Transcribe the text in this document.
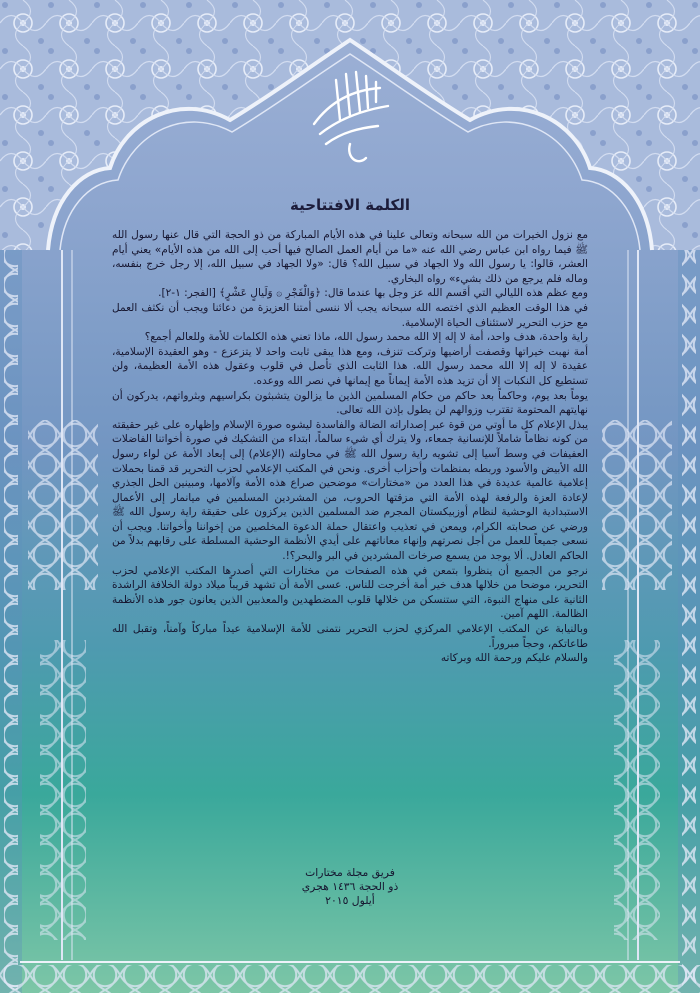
الكلمة الافتتاحية

مع نزول الخيرات من الله سبحانه وتعالى علينا في هذه الأيام المباركة من ذو الحجة التي قال عنها رسول الله ﷺ فيما رواه ابن عباس رضي الله عنه «ما من أيام العمل الصالح فيها أحب إلى الله من هذه الأيام» يعني أيام العشر، قالوا: يا رسول الله ولا الجهاد في سبيل الله؟ قال: «ولا الجهاد في سبيل الله، إلا رجل خرج بنفسه، وماله فلم يرجع من ذلك بشيء» رواه البخاري.

ومع عظم هذه الليالي التي أقسم الله عز وجل بها عندما قال: ﴿وَالْفَجْرِ ۞ وَلَيالٍ عَشْرٍ﴾ [الفجر: ١-٢].

في هذا الوقت العظيم الذي اختصه الله سبحانه يجب ألا ننسى أمتنا العزيزة من دعائنا ويجب أن نكثف العمل مع حزب التحرير لاستئناف الحياة الإسلامية.

راية واحدة، هدف واحد، أمة لا إله إلا الله محمد رسول الله، ماذا تعني هذه الكلمات للأمة وللعالم أجمع؟

أمة نهبت خيراتها وقصفت أراضيها وتركت تنزف، ومع هذا يبقى ثابت واحد لا يتزعزع - وهو العقيدة الإسلامية، عقيدة لا إله إلا الله محمد رسول الله. هذا الثابت الذي تأصل في قلوب وعقول هذه الأمة العظيمة، ولن تستطيع كل النكبات إلا أن تزيد هذه الأمة إيماناً مع إيمانها في نصر الله ووعده.

يوماً بعد يوم، وحاكماً بعد حاكم من حكام المسلمين الذين ما يزالون يتشبثون بكراسيهم وبثرواتهم، يدركون أن نهايتهم المحتومة تقترب وزوالهم لن يطول بإذن الله تعالى.

يبذل الإعلام كل ما أوتي من قوة عبر إصداراته الضالة والفاسدة ليشوه صورة الإسلام وإظهاره على غير حقيقته من كونه نظاماً شاملاً للإنسانية جمعاء، ولا يترك أي شيء سالماً، ابتداء من التشكيك في صورة أخواتنا الفاضلات العفيفات في وسط آسيا إلى تشويه راية رسول الله ﷺ في محاولته (الإعلام) إلى إبعاد الأمة عن لواء رسول الله الأبيض والأسود وربطه بمنظمات وأحزاب أخرى. ونحن في المكتب الإعلامي لحزب التحرير قد قمنا بحملات إعلامية عالمية عديدة في هذا العدد من «مختارات» موضحين صراع هذه الأمة وآلامها، ومبينين الحل الجذري لإعادة العزة والرفعة لهذه الأمة التي مزقتها الحروب، من المشردين المسلمين في ميانمار إلى الأعمال الاستبدادية الوحشية لنظام أوزبيكستان المجرم ضد المسلمين الذين يركزون على حقيقة راية رسول الله ﷺ ورضي عن صحابته الكرام، ويمعن في تعذيب واعتقال حملة الدعوة المخلصين من إخواننا وأخواتنا. ويجب أن نسعى جميعاً للعمل من أجل نصرتهم وإنهاء معاناتهم على أيدي الأنظمة الوحشية المسلطة على رقابهم بدلاً من الحاكم العادل. ألا يوجد من يسمع صرخات المشردين في البر والبحر؟!.

نرجو من الجميع أن ينظروا بتمعن في هذه الصفحات من مختارات التي أصدرها المكتب الإعلامي لحزب التحرير، موضحا من خلالها هدف خير أمة أخرجت للناس. عسى الأمة أن تشهد قريباً ميلاد دولة الخلافة الراشدة الثانية على منهاج النبوة، التي ستنسكن من خلالها قلوب المضطهدين والمعذبين الذين يعانون جور هذه الأنظمة الظالمة. اللهم آمين.

وبالنيابة عن المكتب الإعلامي المركزي لحزب التحرير نتمنى للأمة الإسلامية عيداً مباركاً وآمناً، وتقبل الله طاعاتكم، وحجاً مبروراً.

والسلام عليكم ورحمة الله وبركاته

فريق مجلة مختارات
ذو الحجة ١٤٣٦ هجري
أيلول ٢٠١٥
